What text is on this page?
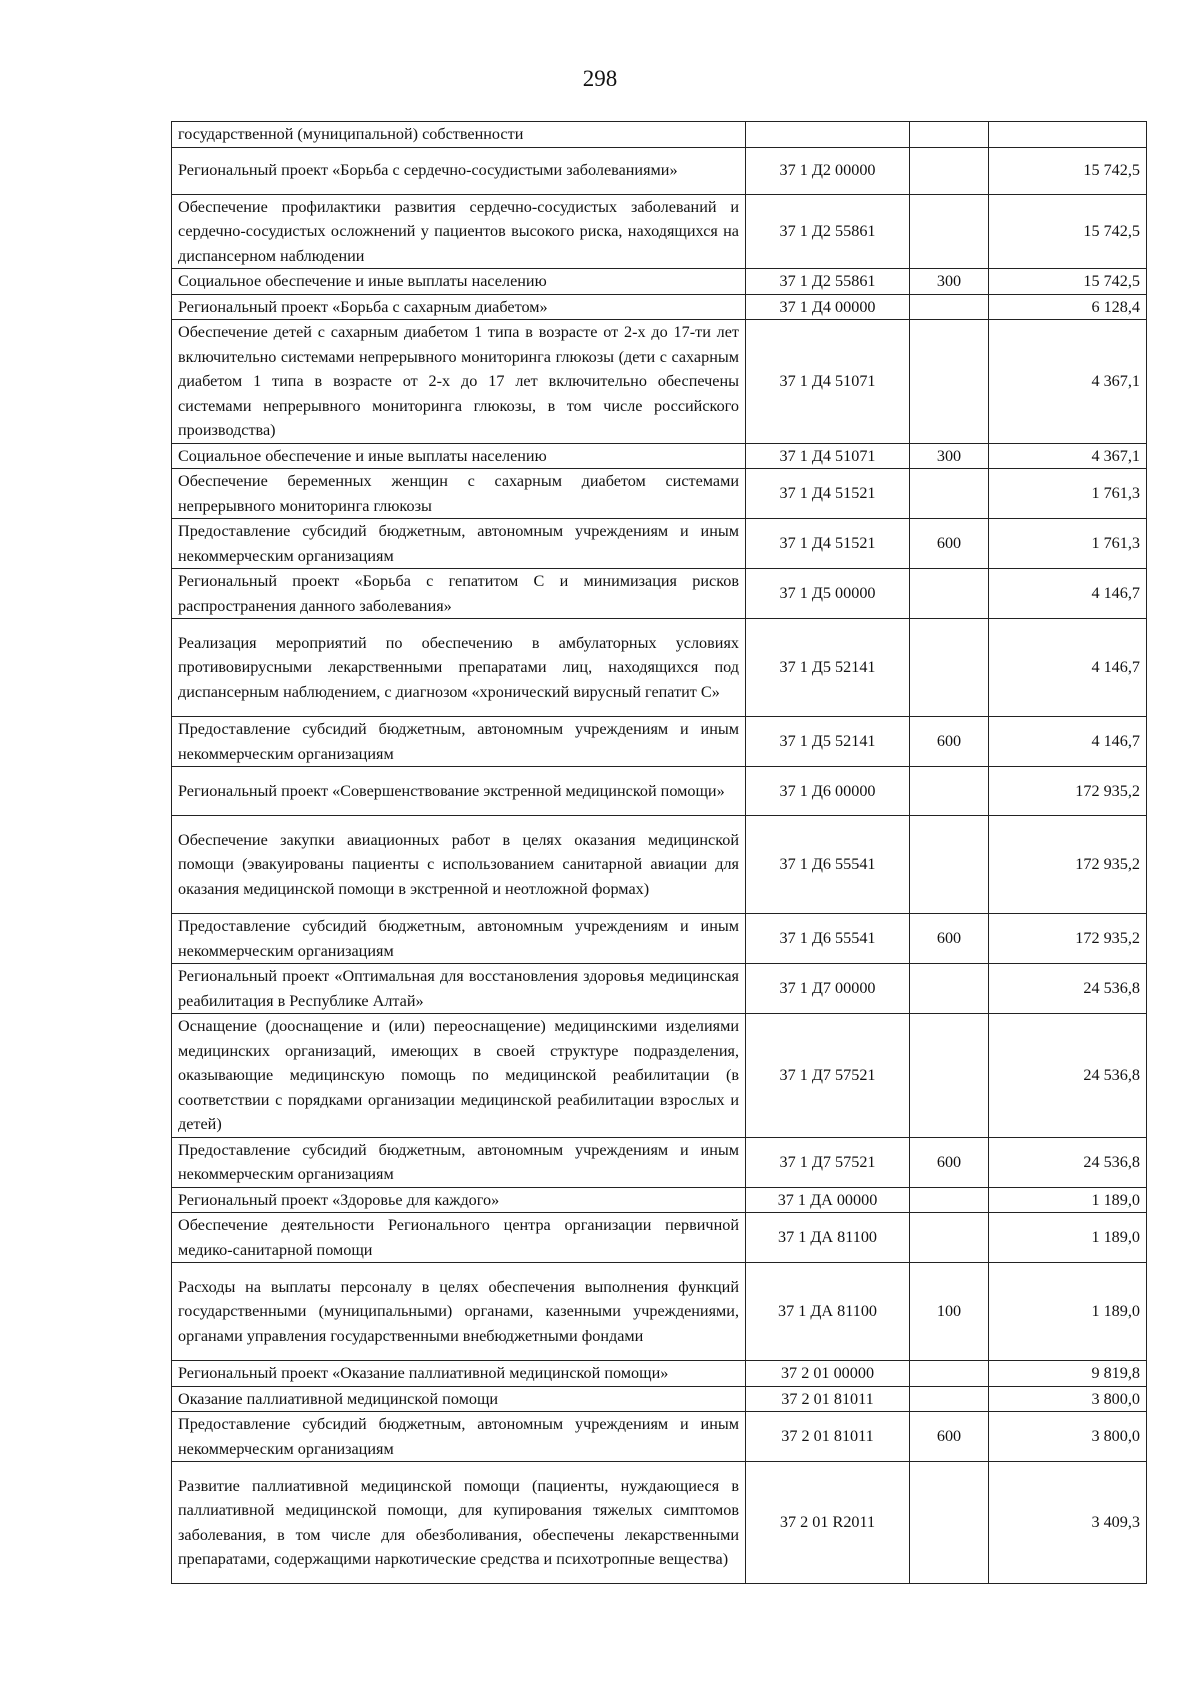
298
государственной (муниципальной) собственности			
Региональный проект «Борьба с сердечно-сосудистыми заболеваниями»	37 1 Д2 00000		15 742,5
Обеспечение профилактики развития сердечно-сосудистых заболеваний и сердечно-сосудистых осложнений у пациентов высокого риска, находящихся на диспансерном наблюдении	37 1 Д2 55861		15 742,5
Социальное обеспечение и иные выплаты населению	37 1 Д2 55861	300	15 742,5
Региональный проект «Борьба с сахарным диабетом»	37 1 Д4 00000		6 128,4
Обеспечение детей с сахарным диабетом 1 типа в возрасте от 2-х до 17-ти лет включительно системами непрерывного мониторинга глюкозы (дети с сахарным диабетом 1 типа в возрасте от 2-х до 17 лет включительно обеспечены системами непрерывного мониторинга глюкозы, в том числе российского производства)	37 1 Д4 51071		4 367,1
Социальное обеспечение и иные выплаты населению	37 1 Д4 51071	300	4 367,1
Обеспечение беременных женщин с сахарным диабетом системами непрерывного мониторинга глюкозы	37 1 Д4 51521		1 761,3
Предоставление субсидий бюджетным, автономным учреждениям и иным некоммерческим организациям	37 1 Д4 51521	600	1 761,3
Региональный проект «Борьба с гепатитом С и минимизация рисков распространения данного заболевания»	37 1 Д5 00000		4 146,7
Реализация мероприятий по обеспечению в амбулаторных условиях противовирусными лекарственными препаратами лиц, находящихся под диспансерным наблюдением, с диагнозом «хронический вирусный гепатит С»	37 1 Д5 52141		4 146,7
Предоставление субсидий бюджетным, автономным учреждениям и иным некоммерческим организациям	37 1 Д5 52141	600	4 146,7
Региональный проект «Совершенствование экстренной медицинской помощи»	37 1 Д6 00000		172 935,2
Обеспечение закупки авиационных работ в целях оказания медицинской помощи (эвакуированы пациенты с использованием санитарной авиации для оказания медицинской помощи в экстренной и неотложной формах)	37 1 Д6 55541		172 935,2
Предоставление субсидий бюджетным, автономным учреждениям и иным некоммерческим организациям	37 1 Д6 55541	600	172 935,2
Региональный проект «Оптимальная для восстановления здоровья медицинская реабилитация в Республике Алтай»	37 1 Д7 00000		24 536,8
Оснащение (дооснащение и (или) переоснащение) медицинскими изделиями медицинских организаций, имеющих в своей структуре подразделения, оказывающие медицинскую помощь по медицинской реабилитации (в соответствии с порядками организации медицинской реабилитации взрослых и детей)	37 1 Д7 57521		24 536,8
Предоставление субсидий бюджетным, автономным учреждениям и иным некоммерческим организациям	37 1 Д7 57521	600	24 536,8
Региональный проект «Здоровье для каждого»	37 1 ДА 00000		1 189,0
Обеспечение деятельности Регионального центра организации первичной медико-санитарной помощи	37 1 ДА 81100		1 189,0
Расходы на выплаты персоналу в целях обеспечения выполнения функций государственными (муниципальными) органами, казенными учреждениями, органами управления государственными внебюджетными фондами	37 1 ДА 81100	100	1 189,0
Региональный проект «Оказание паллиативной медицинской помощи»	37 2 01 00000		9 819,8
Оказание паллиативной медицинской помощи	37 2 01 81011		3 800,0
Предоставление субсидий бюджетным, автономным учреждениям и иным некоммерческим организациям	37 2 01 81011	600	3 800,0
Развитие паллиативной медицинской помощи (пациенты, нуждающиеся в паллиативной медицинской помощи, для купирования тяжелых симптомов заболевания, в том числе для обезболивания, обеспечены лекарственными препаратами, содержащими наркотические средства и психотропные вещества)	37 2 01 R2011		3 409,3
